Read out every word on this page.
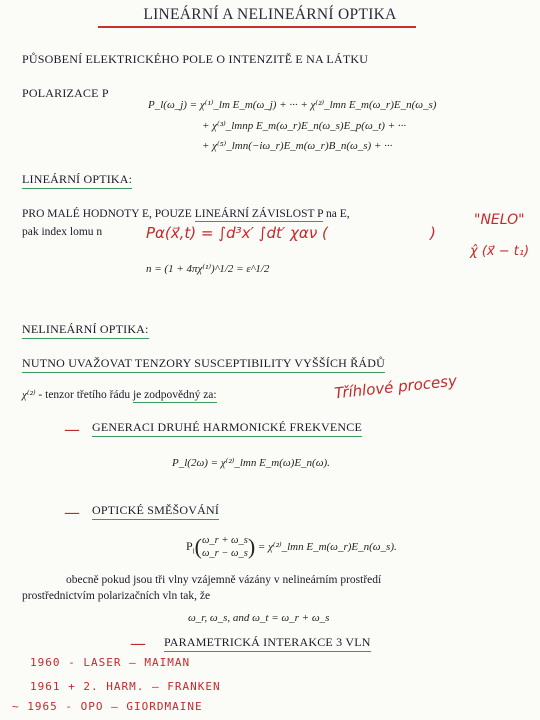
LINEÁRNÍ A NELINEÁRNÍ OPTIKA
PŮSOBENÍ ELEKTRICKÉHO POLE O INTENZITĚ E NA LÁTKU
POLARIZACE P
P_l(ω_j) = χ⁽¹⁾_lm E_m(ω_j) + ··· + χ⁽²⁾_lmn E_m(ω_r)E_n(ω_s)
+ χ⁽³⁾_lmnp E_m(ω_r)E_n(ω_s)E_p(ω_t) + ···
+ χ⁽⁵⁾_lmn(−iω_r)E_m(ω_r)B_n(ω_s) + ···
LINEÁRNÍ OPTIKA:
PRO MALÉ HODNOTY E, POUZE LINEÁRNÍ ZÁVISLOST P na E,
pak index lomu n	Pα(x⃗,t) = ∫d³x′ ∫dt′ χαν (	)
"NELO"
χ̂ (x⃗ − t₁)
n = (1 + 4πχ⁽¹⁾)^1/2 = ε^1/2
NELINEÁRNÍ OPTIKA:
NUTNO UVAŽOVAT TENZORY SUSCEPTIBILITY VYŠŠÍCH ŘÁDŮ
χ⁽²⁾ - tenzor třetího řádu je zodpovědný za:	Tříhlové procesy
— GENERACI DRUHÉ HARMONICKÉ FREKVENCE
P_l(2ω) = χ⁽²⁾_lmn E_m(ω)E_n(ω).
— OPTICKÉ SMĚŠOVÁNÍ
$P_l(\omega\_r$ + ω_s
ω_r − ω_s) = χ⁽²⁾_lmn E_m(ω_r)E_n(ω_s).
obecně pokud jsou tři vlny vzájemně vázány v nelineárním prostředí
prostřednictvím polarizačních vln tak, že
ω_r, ω_s, and ω_t = ω_r + ω_s
— PARAMETRICKÁ INTERAKCE 3 VLN
1960 - LASER — MAIMAN
1961 + 2. HARM. — FRANKEN
~ 1965 - OPO — GIORDMAINE
